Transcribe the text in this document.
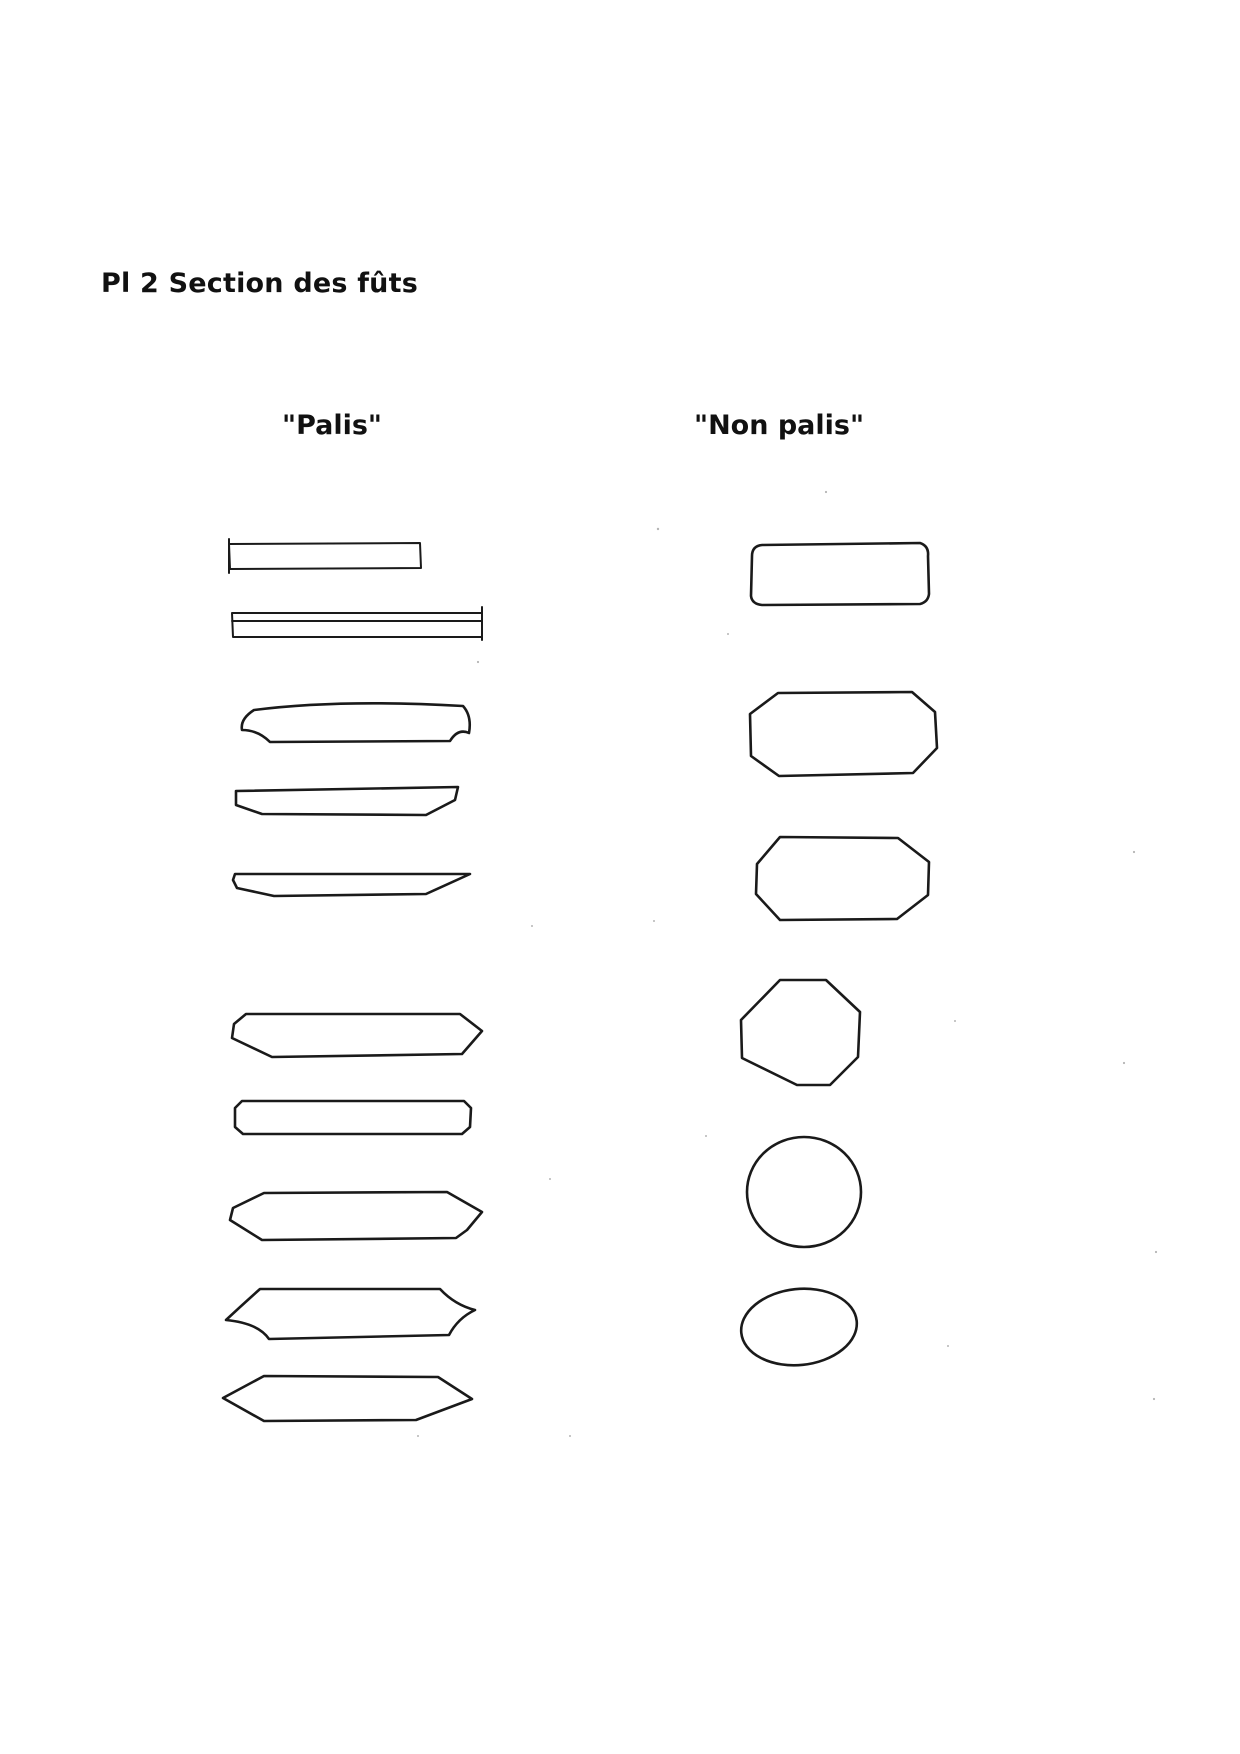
Pl 2 Section des fûts
"Palis"	"Non palis"
